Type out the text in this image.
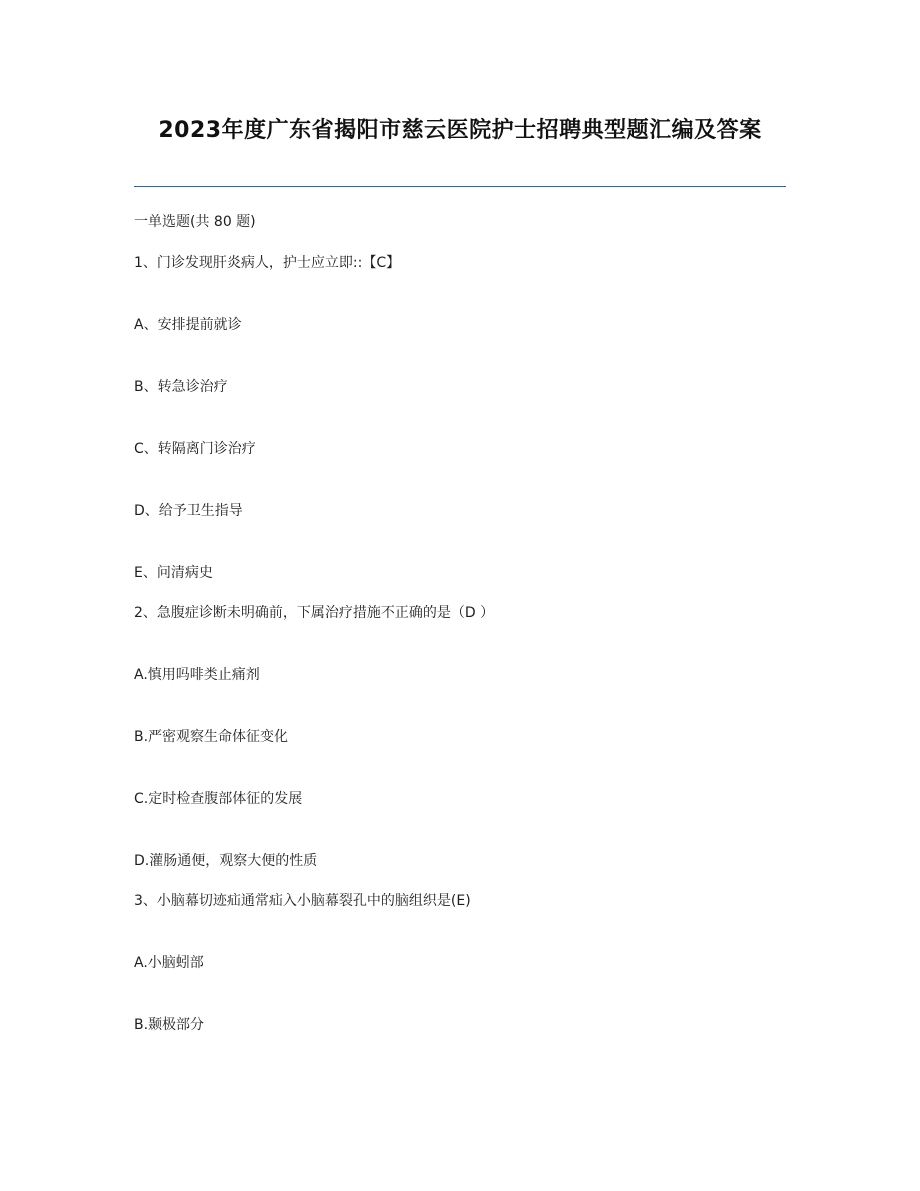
2023年度广东省揭阳市慈云医院护士招聘典型题汇编及答案
一单选题(共 80 题)
1、门诊发现肝炎病人，护士应立即::【C】
A、安排提前就诊
B、转急诊治疗
C、转隔离门诊治疗
D、给予卫生指导
E、问清病史
2、急腹症诊断未明确前，下属治疗措施不正确的是（D ）
A.慎用吗啡类止痛剂
B.严密观察生命体征变化
C.定时检查腹部体征的发展
D.灌肠通便，观察大便的性质
3、小脑幕切迹疝通常疝入小脑幕裂孔中的脑组织是(E)
A.小脑蚓部
B.颞极部分
